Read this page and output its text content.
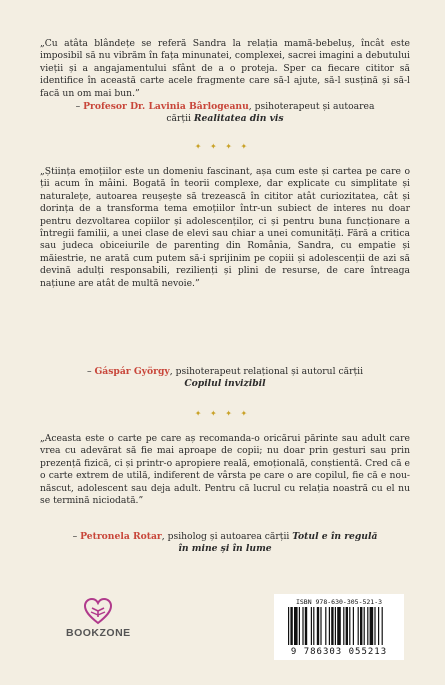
„Cu atâta blândețe se referă Sandra la relația mamă-bebeluș, încât este imposibil să nu vibrăm în fața minunatei, complexei, sacrei imagini a debutului vieții și a angajamentului sfânt de a o proteja. Sper ca fiecare cititor să identifice în această carte acele fragmente care să-l ajute, să-l susțină și să-l facă un om mai bun.”
– Profesor Dr. Lavinia Bârlogeanu, psihoterapeut și autoarea
cărții Realitatea din vis
✦ ✦ ✦ ✦
„Știința emoțiilor este un domeniu fascinant, așa cum este și cartea pe care o ții acum în mâini. Bogată în teorii complexe, dar explicate cu simplitate și naturalețe, autoarea reușește să trezească în cititor atât curiozitatea, cât și dorința de a transforma tema emoțiilor într-un subiect de interes nu doar pentru dezvoltarea copiilor și adolescenților, ci și pentru buna funcționare a întregii familii, a unei clase de elevi sau chiar a unei comunități. Fără a critica sau judeca obiceiurile de parenting din România, Sandra, cu empatie și măiestrie, ne arată cum putem să-i sprijinim pe copiii și adolescenții de azi să devină adulți responsabili, rezilienți și plini de resurse, de care întreaga națiune are atât de multă nevoie.”
– Gáspár György, psihoterapeut relațional și autorul cărții
Copilul invizibil
✦ ✦ ✦ ✦
„Aceasta este o carte pe care aș recomanda-o oricărui părinte sau adult care vrea cu adevărat să fie mai aproape de copii; nu doar prin gesturi sau prin prezență fizică, ci și printr-o apropiere reală, emoțională, conștientă. Cred că e o carte extrem de utilă, indiferent de vârsta pe care o are copilul, fie că e nou-născut, adolescent sau deja adult. Pentru că lucrul cu relația noastră cu el nu se termină niciodată.”
– Petronela Rotar, psiholog și autoarea cărții Totul e în regulă
în mine și în lume
BOOKZONE
ISBN 978-630-305-521-3
9 786303 055213
